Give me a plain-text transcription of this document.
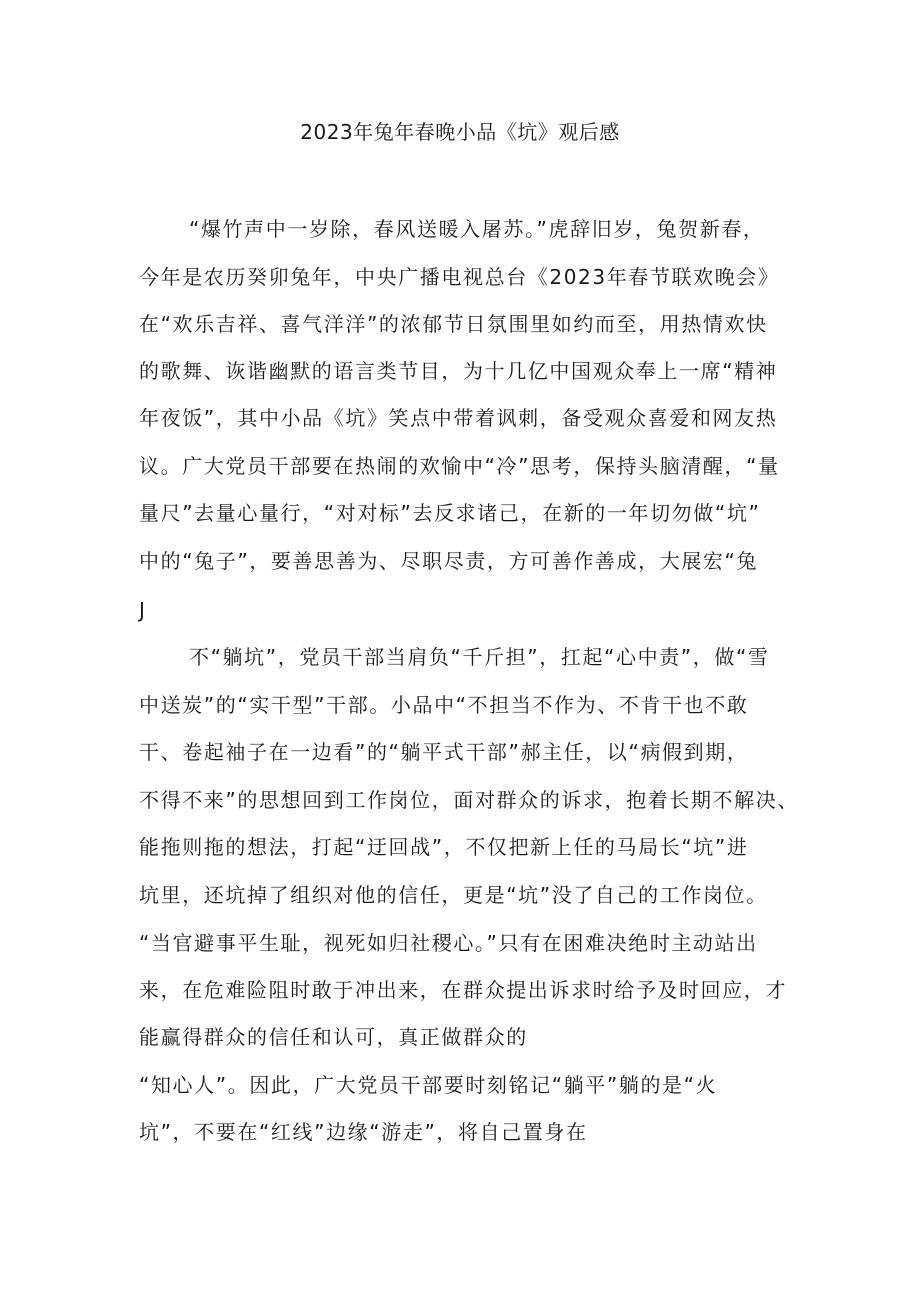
2023年兔年春晚小品《坑》观后感
“爆竹声中一岁除，春风送暖入屠苏。”虎辞旧岁，兔贺新春，
今年是农历癸卯兔年，中央广播电视总台《2023年春节联欢晚会》
在“欢乐吉祥、喜气洋洋”的浓郁节日氛围里如约而至，用热情欢快
的歌舞、诙谐幽默的语言类节目，为十几亿中国观众奉上一席“精神
年夜饭”，其中小品《坑》笑点中带着讽刺，备受观众喜爱和网友热
议。广大党员干部要在热闹的欢愉中“冷”思考，保持头脑清醒，“量
量尺”去量心量行，“对对标”去反求诸己，在新的一年切勿做“坑”
中的“兔子”，要善思善为、尽职尽责，方可善作善成，大展宏“兔
J
不“躺坑”，党员干部当肩负“千斤担”，扛起“心中责”，做“雪
中送炭”的“实干型”干部。小品中“不担当不作为、不肯干也不敢
干、卷起袖子在一边看”的“躺平式干部”郝主任，以“病假到期，
不得不来”的思想回到工作岗位，面对群众的诉求，抱着长期不解决、
能拖则拖的想法，打起“迂回战”，不仅把新上任的马局长“坑”进
坑里，还坑掉了组织对他的信任，更是“坑”没了自己的工作岗位。
“当官避事平生耻，视死如归社稷心。”只有在困难决绝时主动站出
来，在危难险阻时敢于冲出来，在群众提出诉求时给予及时回应，才
能赢得群众的信任和认可，真正做群众的
“知心人”。因此，广大党员干部要时刻铭记“躺平”躺的是“火
坑”，不要在“红线”边缘“游走”，将自己置身在
